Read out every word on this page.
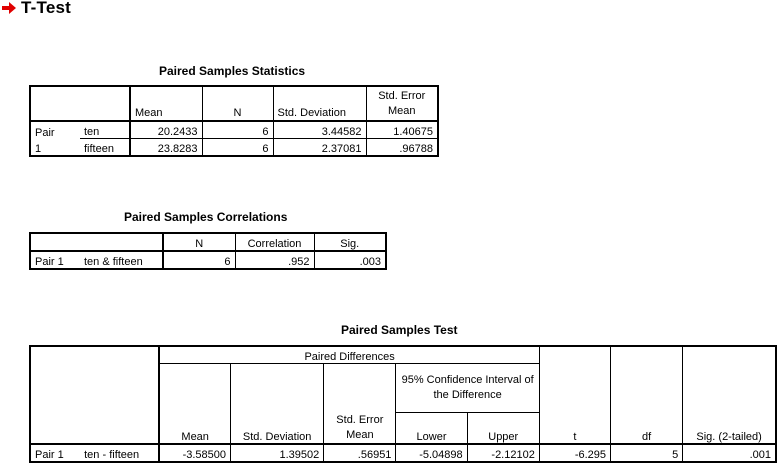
T-Test
Paired Samples Statistics
		Mean	N	Std. Deviation	Std. Error Mean
Pair	ten	20.2433	6	3.44582	1.40675
1	fifteen	23.8283	6	2.37081	.96788
Paired Samples Correlations
		N	Correlation	Sig.
Pair 1	ten & fifteen	6	.952	.003
Paired Samples Test
		Paired Differences							
					95% Confidence Interval of the Difference				
		Mean	Std. Deviation	Std. Error Mean	Lower	Upper	t	df	Sig. (2-tailed)
Pair 1	ten - fifteen	-3.58500	1.39502	.56951	-5.04898	-2.12102	-6.295	5	.001
